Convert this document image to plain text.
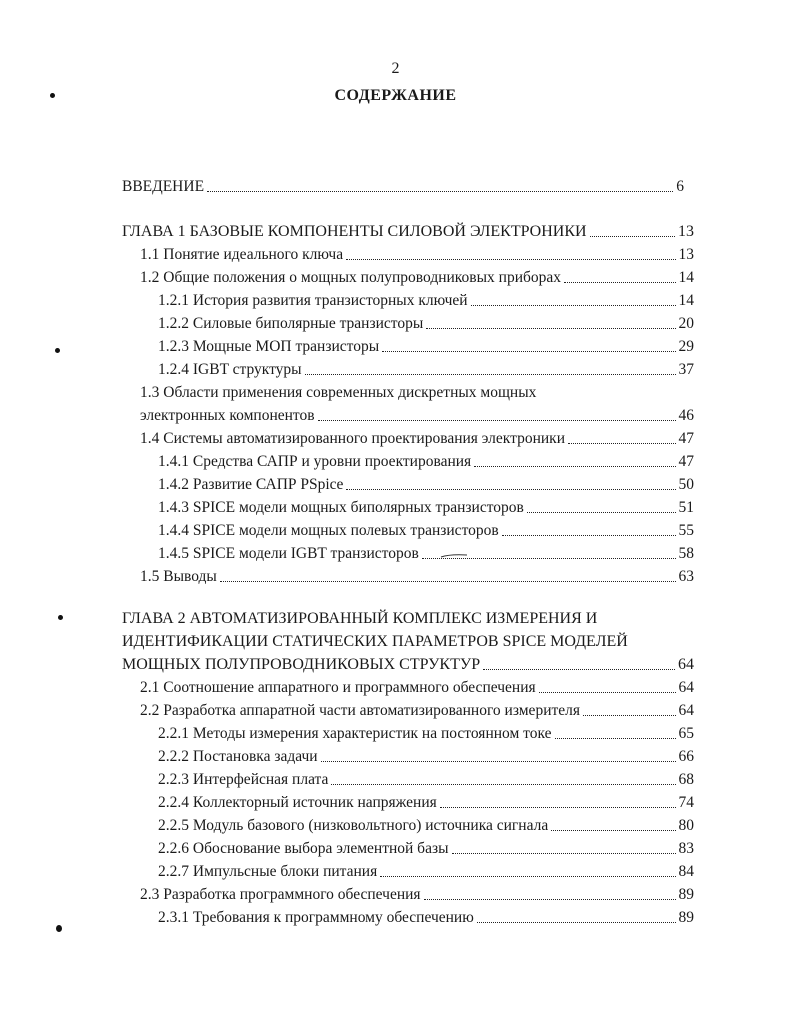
2
СОДЕРЖАНИЕ
ВВЕДЕНИЕ	6
ГЛАВА 1 БАЗОВЫЕ КОМПОНЕНТЫ СИЛОВОЙ ЭЛЕКТРОНИКИ	13
1.1 Понятие идеального ключа	13
1.2 Общие положения о мощных полупроводниковых приборах	14
1.2.1 История развития транзисторных ключей	14
1.2.2 Силовые биполярные транзисторы	20
1.2.3 Мощные МОП транзисторы	29
1.2.4 IGBT структуры	37
1.3 Области применения современных дискретных мощных
электронных компонентов	46
1.4 Системы автоматизированного проектирования электроники	47
1.4.1 Средства САПР и уровни проектирования	47
1.4.2 Развитие САПР PSpice	50
1.4.3 SPICE модели мощных биполярных транзисторов	51
1.4.4 SPICE модели мощных полевых транзисторов	55
1.4.5 SPICE модели IGBT транзисторов	58
1.5 Выводы	63
ГЛАВА 2 АВТОМАТИЗИРОВАННЫЙ КОМПЛЕКС ИЗМЕРЕНИЯ И
ИДЕНТИФИКАЦИИ СТАТИЧЕСКИХ ПАРАМЕТРОВ SPICE МОДЕЛЕЙ
МОЩНЫХ ПОЛУПРОВОДНИКОВЫХ СТРУКТУР	64
2.1 Соотношение аппаратного и программного обеспечения	64
2.2 Разработка аппаратной части автоматизированного измерителя	64
2.2.1 Методы измерения характеристик на постоянном токе	65
2.2.2 Постановка задачи	66
2.2.3 Интерфейсная плата	68
2.2.4 Коллекторный источник напряжения	74
2.2.5 Модуль базового (низковольтного) источника сигнала	80
2.2.6 Обоснование выбора элементной базы	83
2.2.7 Импульсные блоки питания	84
2.3 Разработка программного обеспечения	89
2.3.1 Требования к программному обеспечению	89
